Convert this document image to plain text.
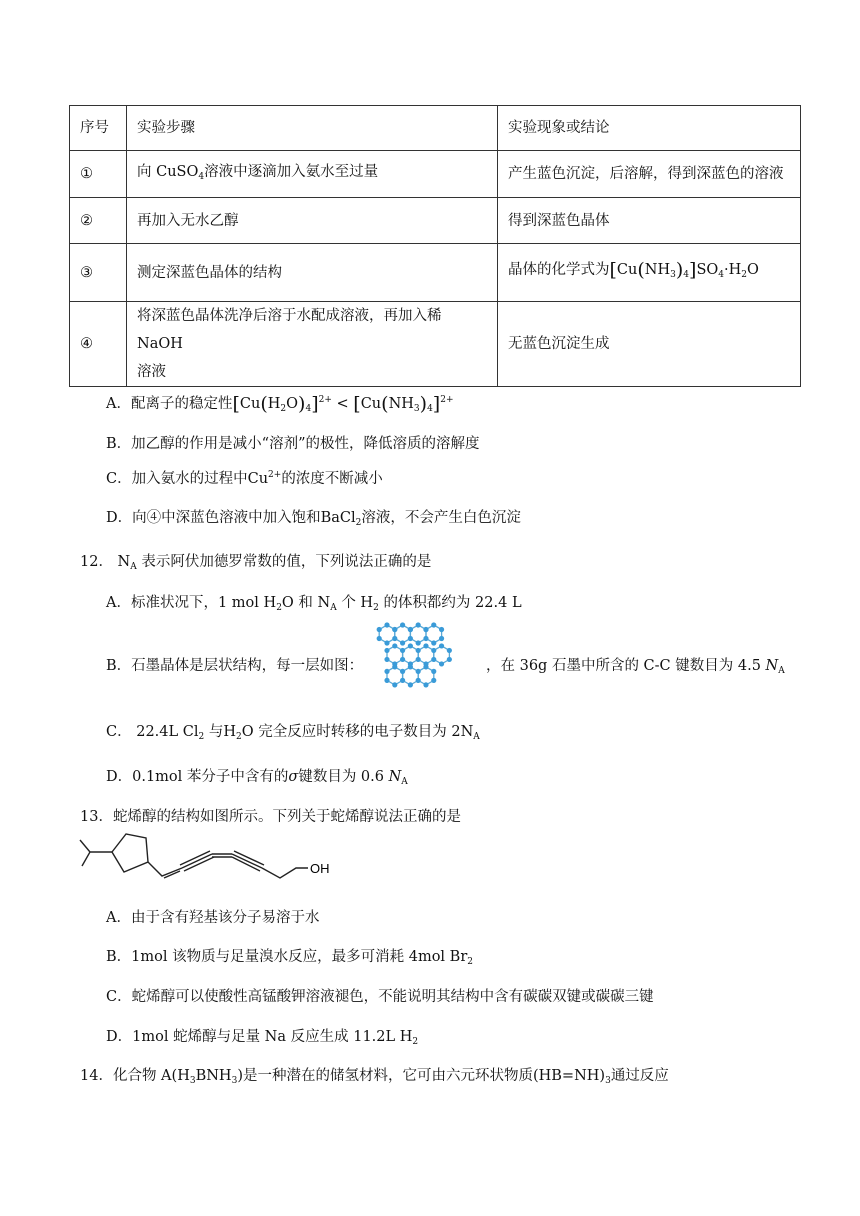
序号	实验步骤	实验现象或结论
①	向 CuSO$_4$溶液中逐滴加入氨水至过量	产生蓝色沉淀，后溶解，得到深蓝色的溶液
②	再加入无水乙醇	得到深蓝色晶体
③	测定深蓝色晶体的结构	晶体的化学式为$[Cu(NH_3)_4]SO_4\cdot H_2O$
④	将深蓝色晶体洗净后溶于水配成溶液，再加入稀 NaOH
溶液	无蓝色沉淀生成
A．配离子的稳定性$[Cu(H_2O)_4]^{2+} < [Cu(NH_3)_4]^{2+}$
B．加乙醇的作用是减小“溶剂”的极性，降低溶质的溶解度
C．加入氨水的过程中$Cu^{2+}$的浓度不断减小
D．向④中深蓝色溶液中加入饱和BaCl$_2$溶液，不会产生白色沉淀
12． $N_A$ 表示阿伏加德罗常数的值，下列说法正确的是
A．标准状况下，1 mol $H_2O$ 和 $N_A$ 个 $H_2$ 的体积都约为 22.4 L
B．石墨晶体是层状结构，每一层如图：	，在 36g 石墨中所含的 C-C 键数目为 4.5 $N_A$
C． 22.4L $Cl_2$ 与$H_2O$ 完全反应时转移的电子数目为 $2N_A$
D．0.1mol 苯分子中含有的σ键数目为 0.6 $N_A$
13．蛇烯醇的结构如图所示。下列关于蛇烯醇说法正确的是
OH
A．由于含有羟基该分子易溶于水
B．1mol 该物质与足量溴水反应，最多可消耗 4mol $Br_2$
C．蛇烯醇可以使酸性高锰酸钾溶液褪色，不能说明其结构中含有碳碳双键或碳碳三键
D．1mol 蛇烯醇与足量 Na 反应生成 11.2L $H_2$
14．化合物 $A(H_3BNH_3)$是一种潜在的储氢材料，它可由六元环状物质$(HB=NH)_3$通过反应
